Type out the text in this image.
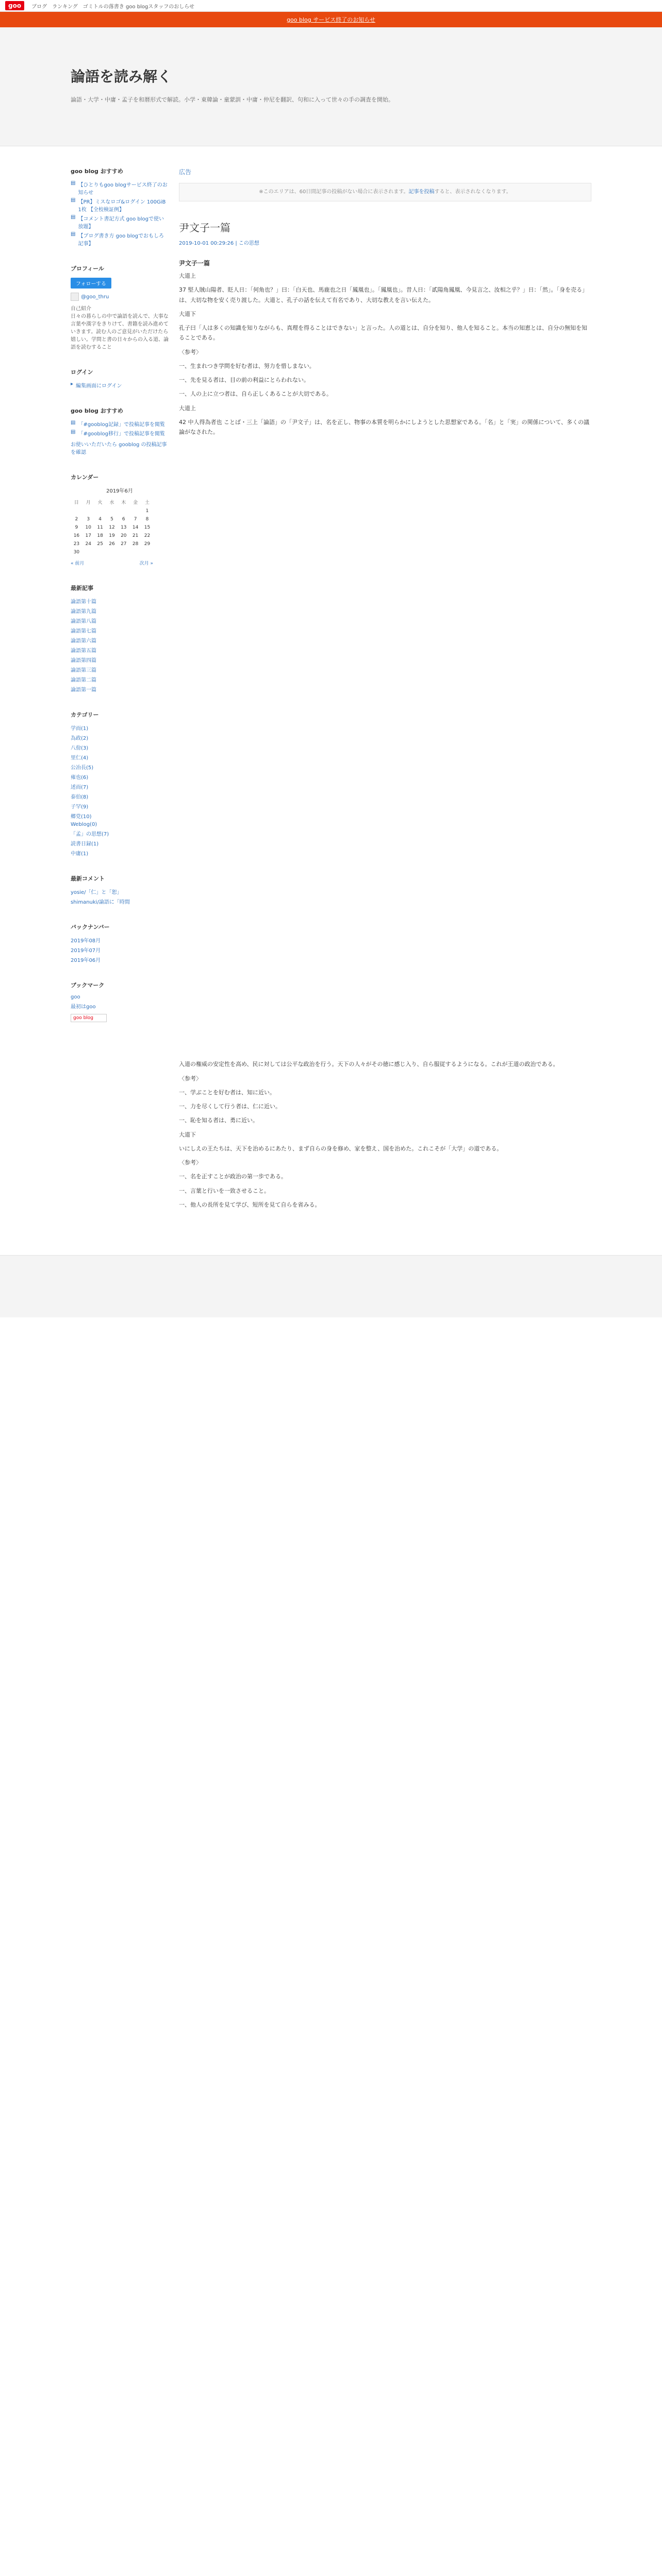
goo	ブログ　ランキング　ゴミトルの落書き goo blogスタッフのおしらせ
goo blog サービス終了のお知らせ
論語を読み解く
論語・大学・中庸・孟子を和暦形式で解読。小学・東韓論・童蒙訓・中庸・仲尼を翻訳、句和に入って世々の手の調査を開始。
goo blog おすすめ
▤ 【ひとりもgoo blogサービス終了のお知らせ
▤ 【PR】ミスなロゴ&ログイン 100GiB 1枚 【全校検証例】
▤ 【コメント書記方式 goo blogで使い放題】
▤ 【ブログ書き方 goo blogでおもしろ記事】
プロフィール
フォローする
@goo_thru
自己紹介
日々の暮らしの中で論語を読んで、大事な言葉や漢字をきりけて、書籍を読み進めていきます。読む人のご意見がいただけたら嬉しい。学問と書の日々からの入る道、論語を読むすること
ログイン
▸ 編集画面にログイン
goo blog おすすめ
▤ 「#gooblog記録」で投稿記事を閲覧
▤ 「#gooblog移行」で投稿記事を閲覧
お使いいただいたら gooblog の投稿記事を確認
カレンダー
2019年6月
日	月	火	水	木	金	土
						1
2	3	4	5	6	7	8
9	10	11	12	13	14	15
16	17	18	19	20	21	22
23	24	25	26	27	28	29
30						
« 前月	次月 »
最新記事
論語第十篇
論語第九篇
論語第八篇
論語第七篇
論語第六篇
論語第五篇
論語第四篇
論語第三篇
論語第二篇
論語第一篇
カテゴリー
学而(1)
為政(2)
八佾(3)
里仁(4)
公冶長(5)
雍也(6)
述而(7)
泰伯(8)
子罕(9)
郷党(10)
Weblog(0)
「孟」の思想(7)
読書日録(1)
中庸(1)
最新コメント
yosie/「仁」と「恕」
shimanuki/論語に「時間
バックナンバー
2019年08月
2019年07月
2019年06月
ブックマーク
goo
最初はgoo
goo blog
広告
※このエリアは、60日間記事の投稿がない場合に表示されます。記事を投稿すると、表示されなくなります。
尹文子一篇
2019-10-01 00:29:26 | この思想
尹文子一篇

大道上

37 堅人賊山陽者、貶人日：「何角也？」曰：「白天也、馬鹿也之日「鳳凰也」。「鳳凰也」。昔人日：「貳陽角鳳凰、今見言之、汝相之乎？」日：「然」。「身を売る」は、大切な物を安く売り渡した。大道と、孔子の話を伝えて有名であり、大切な教えを言い伝えた。

大道下

孔子曰「人は多くの知識を知りながらも、真理を得ることはできない」と言った。人の道とは、自分を知り、他人を知ること。本当の知恵とは、自分の無知を知ることである。

〈参考〉

一、生まれつき学問を好む者は、努力を惜しまない。

一、先を見る者は、目の前の利益にとらわれない。

一、人の上に立つ者は、自ら正しくあることが大切である。

大道上

42 中人得為者也 ことば・三上「論語」の「尹文子」は、名を正し、物事の本質を明らかにしようとした思想家である。「名」と「実」の関係について、多くの議論がなされた。

入道の権威の安定性を高め、民に対しては公平な政治を行う。天下の人々がその徳に感じ入り、自ら服従するようになる。これが王道の政治である。

〈参考〉

一、学ぶことを好む者は、知に近い。

一、力を尽くして行う者は、仁に近い。

一、恥を知る者は、勇に近い。

大道下

いにしえの王たちは、天下を治めるにあたり、まず自らの身を修め、家を整え、国を治めた。これこそが「大学」の道である。

〈参考〉

一、名を正すことが政治の第一歩である。

一、言葉と行いを一致させること。

一、他人の長所を見て学び、短所を見て自らを省みる。
